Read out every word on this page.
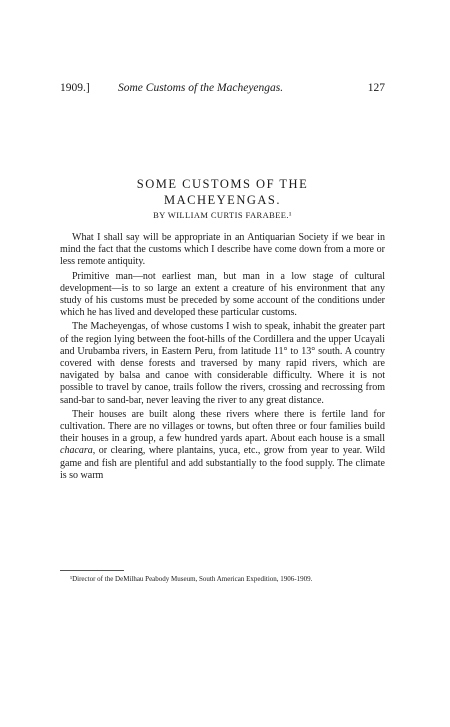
1909.] Some Customs of the Macheyengas.	127
SOME CUSTOMS OF THE
MACHEYENGAS.
BY WILLIAM CURTIS FARABEE.¹

What I shall say will be appropriate in an Antiquarian Society if we bear in mind the fact that the customs which I describe have come down from a more or less remote antiquity.

Primitive man—not earliest man, but man in a low stage of cultural development—is to so large an extent a creature of his environment that any study of his customs must be preceded by some account of the conditions under which he has lived and developed these particular customs.

The Macheyengas, of whose customs I wish to speak, inhabit the greater part of the region lying between the foot-hills of the Cordillera and the upper Ucayali and Urubamba rivers, in Eastern Peru, from latitude 11° to 13° south. A country covered with dense forests and traversed by many rapid rivers, which are navigated by balsa and canoe with considerable difficulty. Where it is not possible to travel by canoe, trails follow the rivers, crossing and recrossing from sand-bar to sand-bar, never leaving the river to any great distance.

Their houses are built along these rivers where there is fertile land for cultivation. There are no villages or towns, but often three or four families build their houses in a group, a few hundred yards apart. About each house is a small chacara, or clearing, where plantains, yuca, etc., grow from year to year. Wild game and fish are plentiful and add substantially to the food supply. The climate is so warm

¹Director of the DeMilhau Peabody Museum, South American Expedition, 1906-1909.
